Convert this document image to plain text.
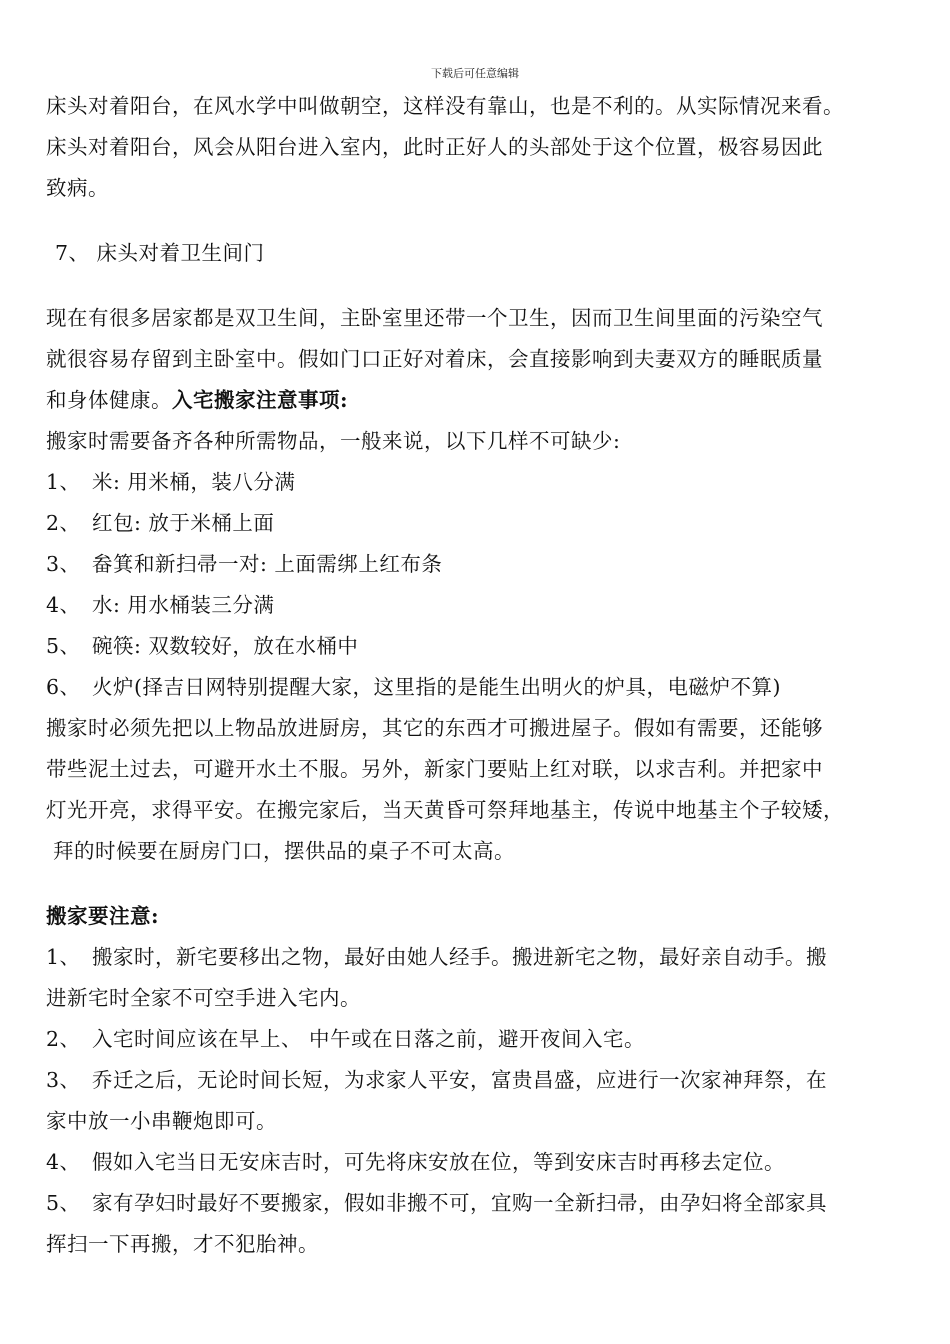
下载后可任意编辑

床头对着阳台，在风水学中叫做朝空，这样没有靠山，也是不利的。从实际情况来看。

床头对着阳台，风会从阳台进入室内，此时正好人的头部处于这个位置，极容易因此

致病。

7、 床头对着卫生间门

现在有很多居家都是双卫生间，主卧室里还带一个卫生，因而卫生间里面的污染空气

就很容易存留到主卧室中。假如门口正好对着床，会直接影响到夫妻双方的睡眠质量

和身体健康。入宅搬家注意事项:

搬家时需要备齐各种所需物品，一般来说，以下几样不可缺少:

1、 米: 用米桶，装八分满

2、 红包: 放于米桶上面

3、 畚箕和新扫帚一对: 上面需绑上红布条

4、 水: 用水桶装三分满

5、 碗筷: 双数较好，放在水桶中

6、 火炉(择吉日网特别提醒大家，这里指的是能生出明火的炉具，电磁炉不算)

搬家时必须先把以上物品放进厨房，其它的东西才可搬进屋子。假如有需要，还能够

带些泥土过去，可避开水土不服。另外，新家门要贴上红对联，以求吉利。并把家中

灯光开亮，求得平安。在搬完家后，当天黄昏可祭拜地基主，传说中地基主个子较矮，

拜的时候要在厨房门口，摆供品的桌子不可太高。

搬家要注意:

1、 搬家时，新宅要移出之物，最好由她人经手。搬进新宅之物，最好亲自动手。搬

进新宅时全家不可空手进入宅内。

2、 入宅时间应该在早上、 中午或在日落之前，避开夜间入宅。

3、 乔迁之后，无论时间长短，为求家人平安，富贵昌盛，应进行一次家神拜祭，在

家中放一小串鞭炮即可。

4、 假如入宅当日无安床吉时，可先将床安放在位，等到安床吉时再移去定位。

5、 家有孕妇时最好不要搬家，假如非搬不可，宜购一全新扫帚，由孕妇将全部家具

挥扫一下再搬，才不犯胎神。
